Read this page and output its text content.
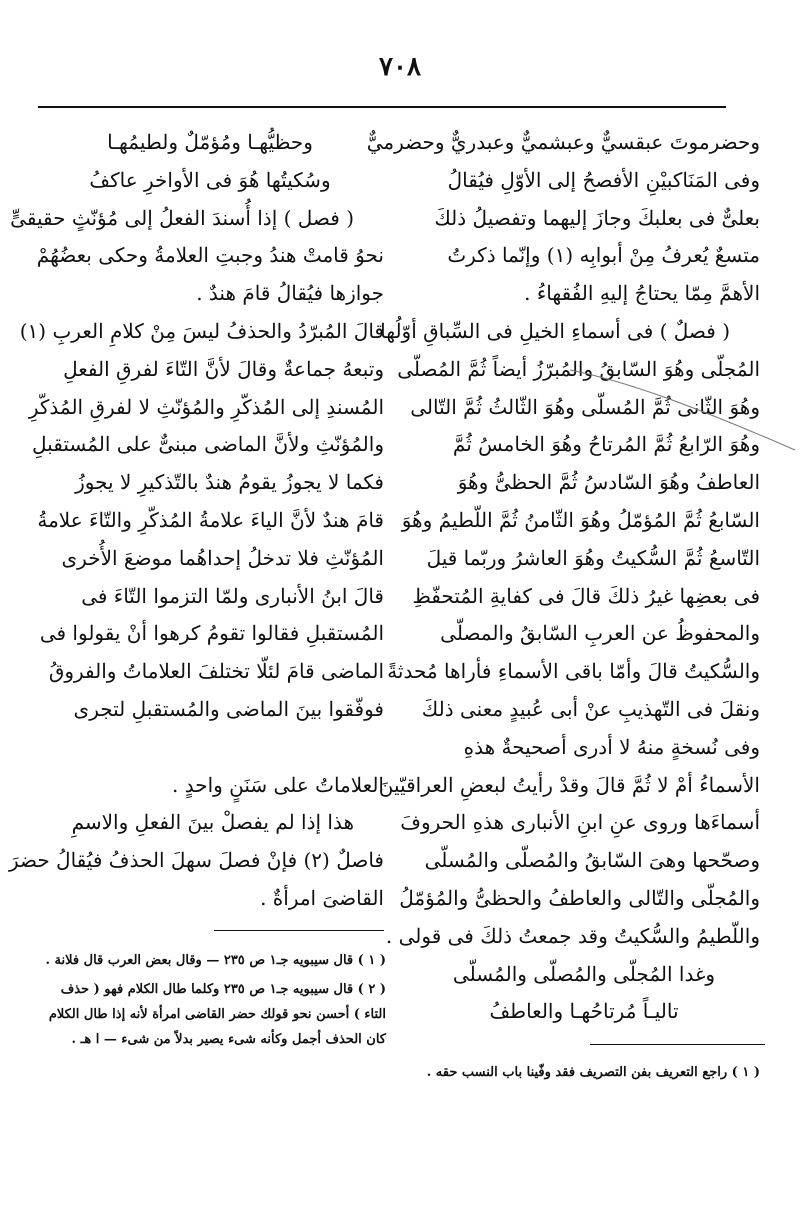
٧٠٨
وحضرموتَ عبقسيٌّ وعبشميٌّ وعبدريٌّ وحضرميٌّ
وفى المَنَاكبيْنِ الأفصحُ إلى الأوّلِ فيُقالُ
بعلىٌّ فى بعلبكَ وجازَ إليهما وتفصيلُ ذلكَ
متسعٌ يُعرفُ مِنْ أبوابِه (١) وإنّما ذكرتُ
الأهمَّ مِمّا يحتاجُ إليهِ الفُقهاءُ .
( فصلٌ ) فى أسماءِ الخيلِ فى السِّباقِ أوّلُها
المُجلّى وهُوَ السّابقُ والمُبرّزُ أيضاً ثُمَّ المُصلّى
وهُوَ الثّانى ثُمَّ المُسلّى وهُوَ الثّالثُ ثُمَّ التّالى
وهُوَ الرّابعُ ثُمَّ المُرتاحُ وهُوَ الخامسُ ثُمَّ
العاطفُ وهُوَ السّادسُ ثُمَّ الحظىُّ وهُوَ
السّابعُ ثُمَّ المُؤمّلُ وهُوَ الثّامنُ ثُمَّ اللّطيمُ وهُوَ
التّاسعُ ثُمَّ السُّكيتُ وهُوَ العاشرُ وربّما قيلَ
فى بعضِها غيرُ ذلكَ قالَ فى كفايةِ المُتحفّظِ
والمحفوظُ عن العربِ السّابقُ والمصلّى
والسُّكيتُ قالَ وأمّا باقى الأسماءِ فأراها مُحدثةً
ونقلَ فى التّهذيبِ عنْ أبى عُبيدٍ معنى ذلكَ
وفى نُسخةٍ منهُ لا أدرى أصحيحةٌ هذهِ
الأسماءُ أمْ لا ثُمَّ قالَ وقدْ رأيتُ لبعضِ العراقيّينَ
أسماءَها وروى عنِ ابنِ الأنبارى هذهِ الحروفَ
وصحّحها وهىَ السّابقُ والمُصلّى والمُسلّى
والمُجلّى والتّالى والعاطفُ والحظىُّ والمُؤمّلُ
واللّطيمُ والسُّكيتُ وقد جمعتُ ذلكَ فى قولى .
وغدا المُجلّى والمُصلّى والمُسلّى
تاليـاً مُرتاحُهـا والعاطفُ
وحظيُّهـا ومُؤمّلٌ ولطيمُهـا
وسُكيتُها هُوَ فى الأواخرِ عاكفُ
( فصل ) إذا أُسندَ الفعلُ إلى مُؤنّثٍ حقيقىٍّ
نحوُ قامتْ هندُ وجبتِ العلامةُ وحكى بعضُهُمْ
جوازها فيُقالُ قامَ هندٌ .
قالَ المُبرّدُ والحذفُ ليسَ مِنْ كلامِ العربِ (١)
وتبعهُ جماعةٌ وقالَ لأنَّ التّاءَ لفرقِ الفعلِ
المُسندِ إلى المُذكّرِ والمُؤنّثِ لا لفرقِ المُذكّرِ
والمُؤنّثِ ولأنَّ الماضى مبنىٌّ على المُستقبلِ
فكما لا يجوزُ يقومُ هندٌ بالتّذكيرِ لا يجوزُ
قامَ هندٌ لأنَّ الياءَ علامةُ المُذكّرِ والتّاءَ علامةُ
المُؤنّثِ فلا تدخلُ إحداهُما موضعَ الأُخرى
قالَ ابنُ الأنبارى ولمّا التزموا التّاءَ فى
المُستقبلِ فقالوا تقومُ كرهوا أنْ يقولوا فى
الماضى قامَ لئلّا تختلفَ العلاماتُ والفروقُ
فوفّقوا بينَ الماضى والمُستقبلِ لتجرى
العلاماتُ على سَنَنٍ واحدٍ .
هذا إذا لم يفصلْ بينَ الفعلِ والاسمِ
فاصلٌ (٢) فإنْ فصلَ سهلَ الحذفُ فيُقالُ حضرَ
القاضىَ امرأةٌ .
( ١ ) قال سيبويه جـ١ ص ٢٣٥ — وقال بعض العرب قال فلانة .
( ٢ ) قال سيبويه جـ١ ص ٢٣٥ وكلما طال الكلام فهو ( حذف التاء ) أحسن نحو قولك حضر القاضى امرأة لأنه إذا طال الكلام كان الحذف أجمل وكأنه شىء يصير بدلاً من شىء — ا هـ .
( ١ ) راجع التعريف بفن التصريف فقد وفّينا باب النسب حقه .
